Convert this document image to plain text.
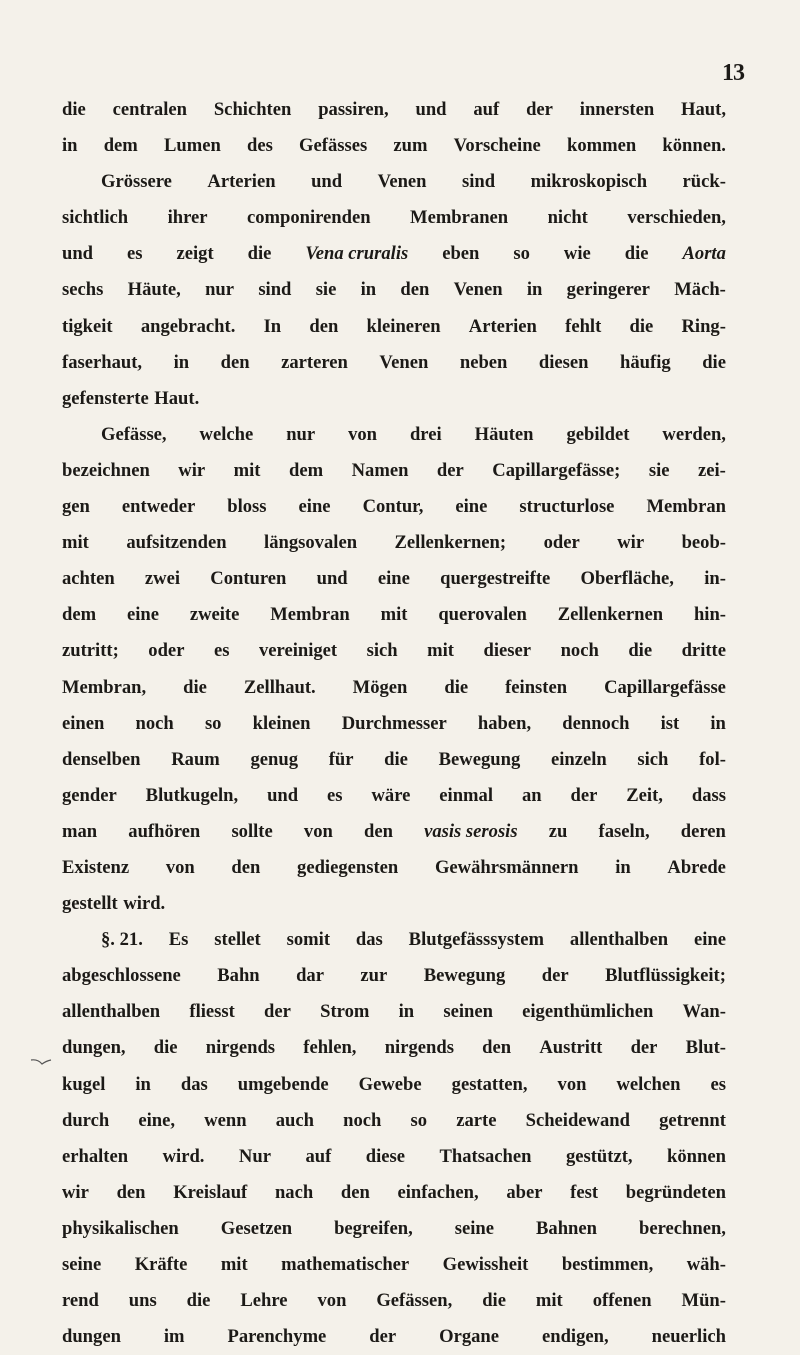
13
die centralen Schichten passiren, und auf der innersten Haut,
in dem Lumen des Gefässes zum Vorscheine kommen können.
Grössere Arterien und Venen sind mikroskopisch rück-
sichtlich ihrer componirenden Membranen nicht verschieden,
und es zeigt die Vena cruralis eben so wie die Aorta
sechs Häute, nur sind sie in den Venen in geringerer Mäch-
tigkeit angebracht. In den kleineren Arterien fehlt die Ring-
faserhaut, in den zarteren Venen neben diesen häufig die
gefensterte Haut.
Gefässe, welche nur von drei Häuten gebildet werden,
bezeichnen wir mit dem Namen der Capillargefässe; sie zei-
gen entweder bloss eine Contur, eine structurlose Membran
mit aufsitzenden längsovalen Zellenkernen; oder wir beob-
achten zwei Conturen und eine quergestreifte Oberfläche, in-
dem eine zweite Membran mit querovalen Zellenkernen hin-
zutritt; oder es vereiniget sich mit dieser noch die dritte
Membran, die Zellhaut. Mögen die feinsten Capillargefässe
einen noch so kleinen Durchmesser haben, dennoch ist in
denselben Raum genug für die Bewegung einzeln sich fol-
gender Blutkugeln, und es wäre einmal an der Zeit, dass
man aufhören sollte von den vasis serosis zu faseln, deren
Existenz von den gediegensten Gewährsmännern in Abrede
gestellt wird.
§. 21. Es stellet somit das Blutgefässsystem allenthalben eine
abgeschlossene Bahn dar zur Bewegung der Blutflüssigkeit;
allenthalben fliesst der Strom in seinen eigenthümlichen Wan-
dungen, die nirgends fehlen, nirgends den Austritt der Blut-
kugel in das umgebende Gewebe gestatten, von welchen es
durch eine, wenn auch noch so zarte Scheidewand getrennt
erhalten wird. Nur auf diese Thatsachen gestützt, können
wir den Kreislauf nach den einfachen, aber fest begründeten
physikalischen Gesetzen begreifen, seine Bahnen berechnen,
seine Kräfte mit mathematischer Gewissheit bestimmen, wäh-
rend uns die Lehre von Gefässen, die mit offenen Mün-
dungen im Parenchyme der Organe endigen, neuerlich
